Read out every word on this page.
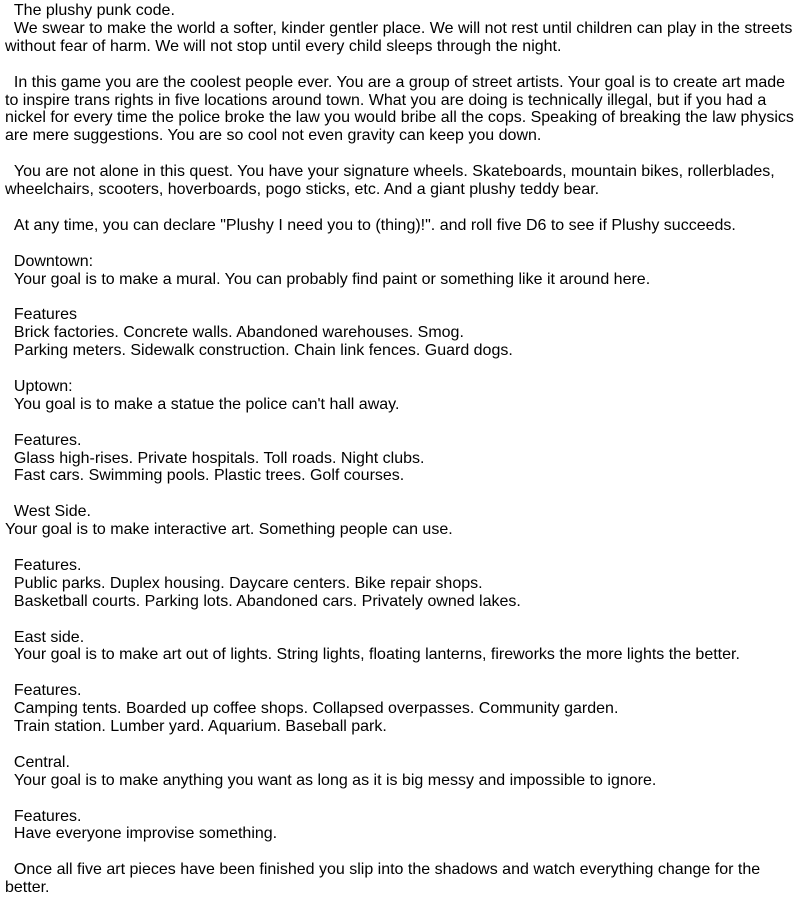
The plushy punk code.
We swear to make the world a softer, kinder gentler place. We will not rest until children can play in the streets without fear of harm. We will not stop until every child sleeps through the night.
In this game you are the coolest people ever. You are a group of street artists. Your goal is to create art made to inspire trans rights in five locations around town. What you are doing is technically illegal, but if you had a nickel for every time the police broke the law you would bribe all the cops. Speaking of breaking the law physics are mere suggestions. You are so cool not even gravity can keep you down.
You are not alone in this quest. You have your signature wheels. Skateboards, mountain bikes, rollerblades, wheelchairs, scooters, hoverboards, pogo sticks, etc. And a giant plushy teddy bear.
At any time, you can declare "Plushy I need you to (thing)!". and roll five D6 to see if Plushy succeeds.
Downtown:
Your goal is to make a mural. You can probably find paint or something like it around here.
Features
Brick factories. Concrete walls. Abandoned warehouses. Smog.
Parking meters. Sidewalk construction. Chain link fences. Guard dogs.
Uptown:
You goal is to make a statue the police can't hall away.
Features.
Glass high-rises. Private hospitals. Toll roads. Night clubs.
Fast cars. Swimming pools. Plastic trees. Golf courses.
West Side.
Your goal is to make interactive art. Something people can use.
Features.
Public parks. Duplex housing. Daycare centers. Bike repair shops.
Basketball courts. Parking lots. Abandoned cars. Privately owned lakes.
East side.
Your goal is to make art out of lights. String lights, floating lanterns, fireworks the more lights the better.
Features.
Camping tents. Boarded up coffee shops. Collapsed overpasses. Community garden.
Train station. Lumber yard. Aquarium. Baseball park.
Central.
Your goal is to make anything you want as long as it is big messy and impossible to ignore.
Features.
Have everyone improvise something.
Once all five art pieces have been finished you slip into the shadows and watch everything change for the better.
